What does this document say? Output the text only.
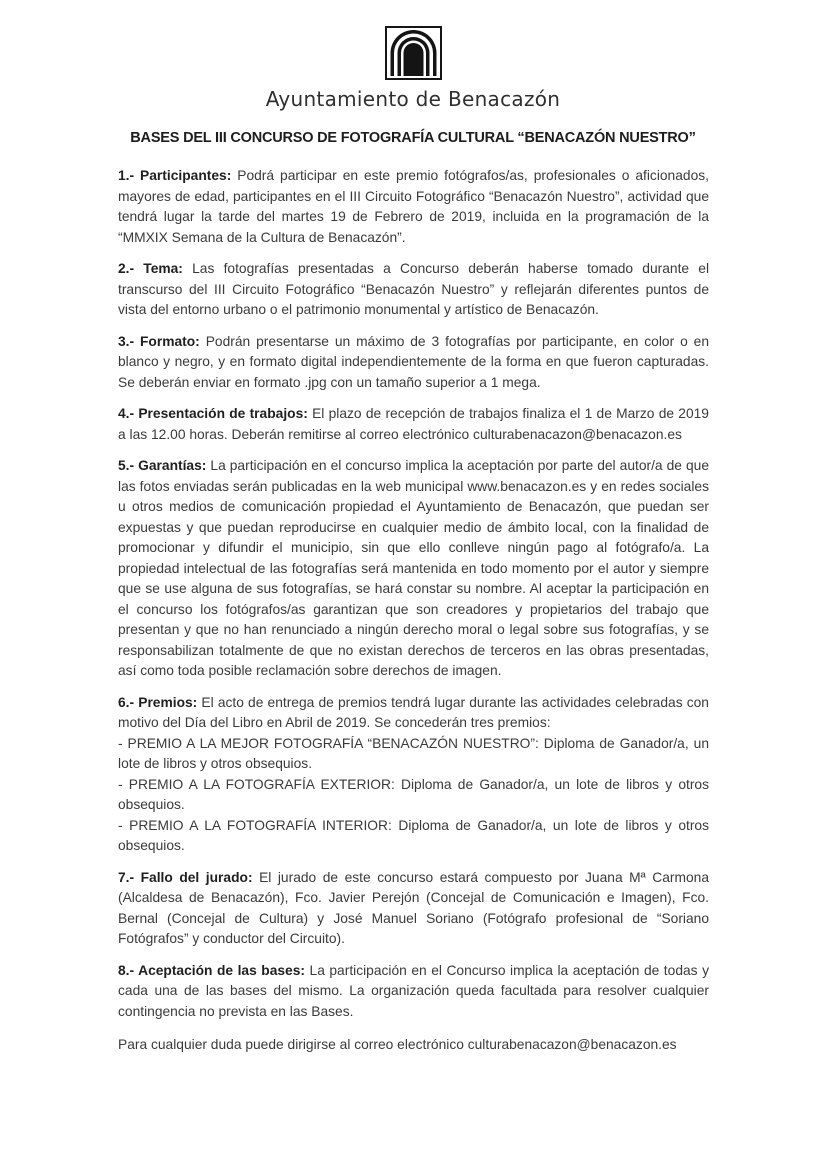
Ayuntamiento de Benacazón
BASES DEL III CONCURSO DE FOTOGRAFÍA CULTURAL “BENACAZÓN NUESTRO”

1.- Participantes: Podrá participar en este premio fotógrafos/as, profesionales o aficionados, mayores de edad, participantes en el III Circuito Fotográfico “Benacazón Nuestro”, actividad que tendrá lugar la tarde del martes 19 de Febrero de 2019, incluida en la programación de la “MMXIX Semana de la Cultura de Benacazón”.

2.- Tema: Las fotografías presentadas a Concurso deberán haberse tomado durante el transcurso del III Circuito Fotográfico “Benacazón Nuestro” y reflejarán diferentes puntos de vista del entorno urbano o el patrimonio monumental y artístico de Benacazón.

3.- Formato: Podrán presentarse un máximo de 3 fotografías por participante, en color o en blanco y negro, y en formato digital independientemente de la forma en que fueron capturadas. Se deberán enviar en formato .jpg con un tamaño superior a 1 mega.

4.- Presentación de trabajos: El plazo de recepción de trabajos finaliza el 1 de Marzo de 2019 a las 12.00 horas. Deberán remitirse al correo electrónico culturabenacazon@benacazon.es

5.- Garantías: La participación en el concurso implica la aceptación por parte del autor/a de que las fotos enviadas serán publicadas en la web municipal www.benacazon.es y en redes sociales u otros medios de comunicación propiedad el Ayuntamiento de Benacazón, que puedan ser expuestas y que puedan reproducirse en cualquier medio de ámbito local, con la finalidad de promocionar y difundir el municipio, sin que ello conlleve ningún pago al fotógrafo/a. La propiedad intelectual de las fotografías será mantenida en todo momento por el autor y siempre que se use alguna de sus fotografías, se hará constar su nombre. Al aceptar la participación en el concurso los fotógrafos/as garantizan que son creadores y propietarios del trabajo que presentan y que no han renunciado a ningún derecho moral o legal sobre sus fotografías, y se responsabilizan totalmente de que no existan derechos de terceros en las obras presentadas, así como toda posible reclamación sobre derechos de imagen.

6.- Premios: El acto de entrega de premios tendrá lugar durante las actividades celebradas con motivo del Día del Libro en Abril de 2019. Se concederán tres premios:
- PREMIO A LA MEJOR FOTOGRAFÍA “BENACAZÓN NUESTRO”: Diploma de Ganador/a, un lote de libros y otros obsequios.
- PREMIO A LA FOTOGRAFÍA EXTERIOR: Diploma de Ganador/a, un lote de libros y otros obsequios.
- PREMIO A LA FOTOGRAFÍA INTERIOR: Diploma de Ganador/a, un lote de libros y otros obsequios.

7.- Fallo del jurado: El jurado de este concurso estará compuesto por Juana Mª Carmona (Alcaldesa de Benacazón), Fco. Javier Perejón (Concejal de Comunicación e Imagen), Fco. Bernal (Concejal de Cultura) y José Manuel Soriano (Fotógrafo profesional de “Soriano Fotógrafos” y conductor del Circuito).

8.- Aceptación de las bases: La participación en el Concurso implica la aceptación de todas y cada una de las bases del mismo. La organización queda facultada para resolver cualquier contingencia no prevista en las Bases.

Para cualquier duda puede dirigirse al correo electrónico culturabenacazon@benacazon.es
